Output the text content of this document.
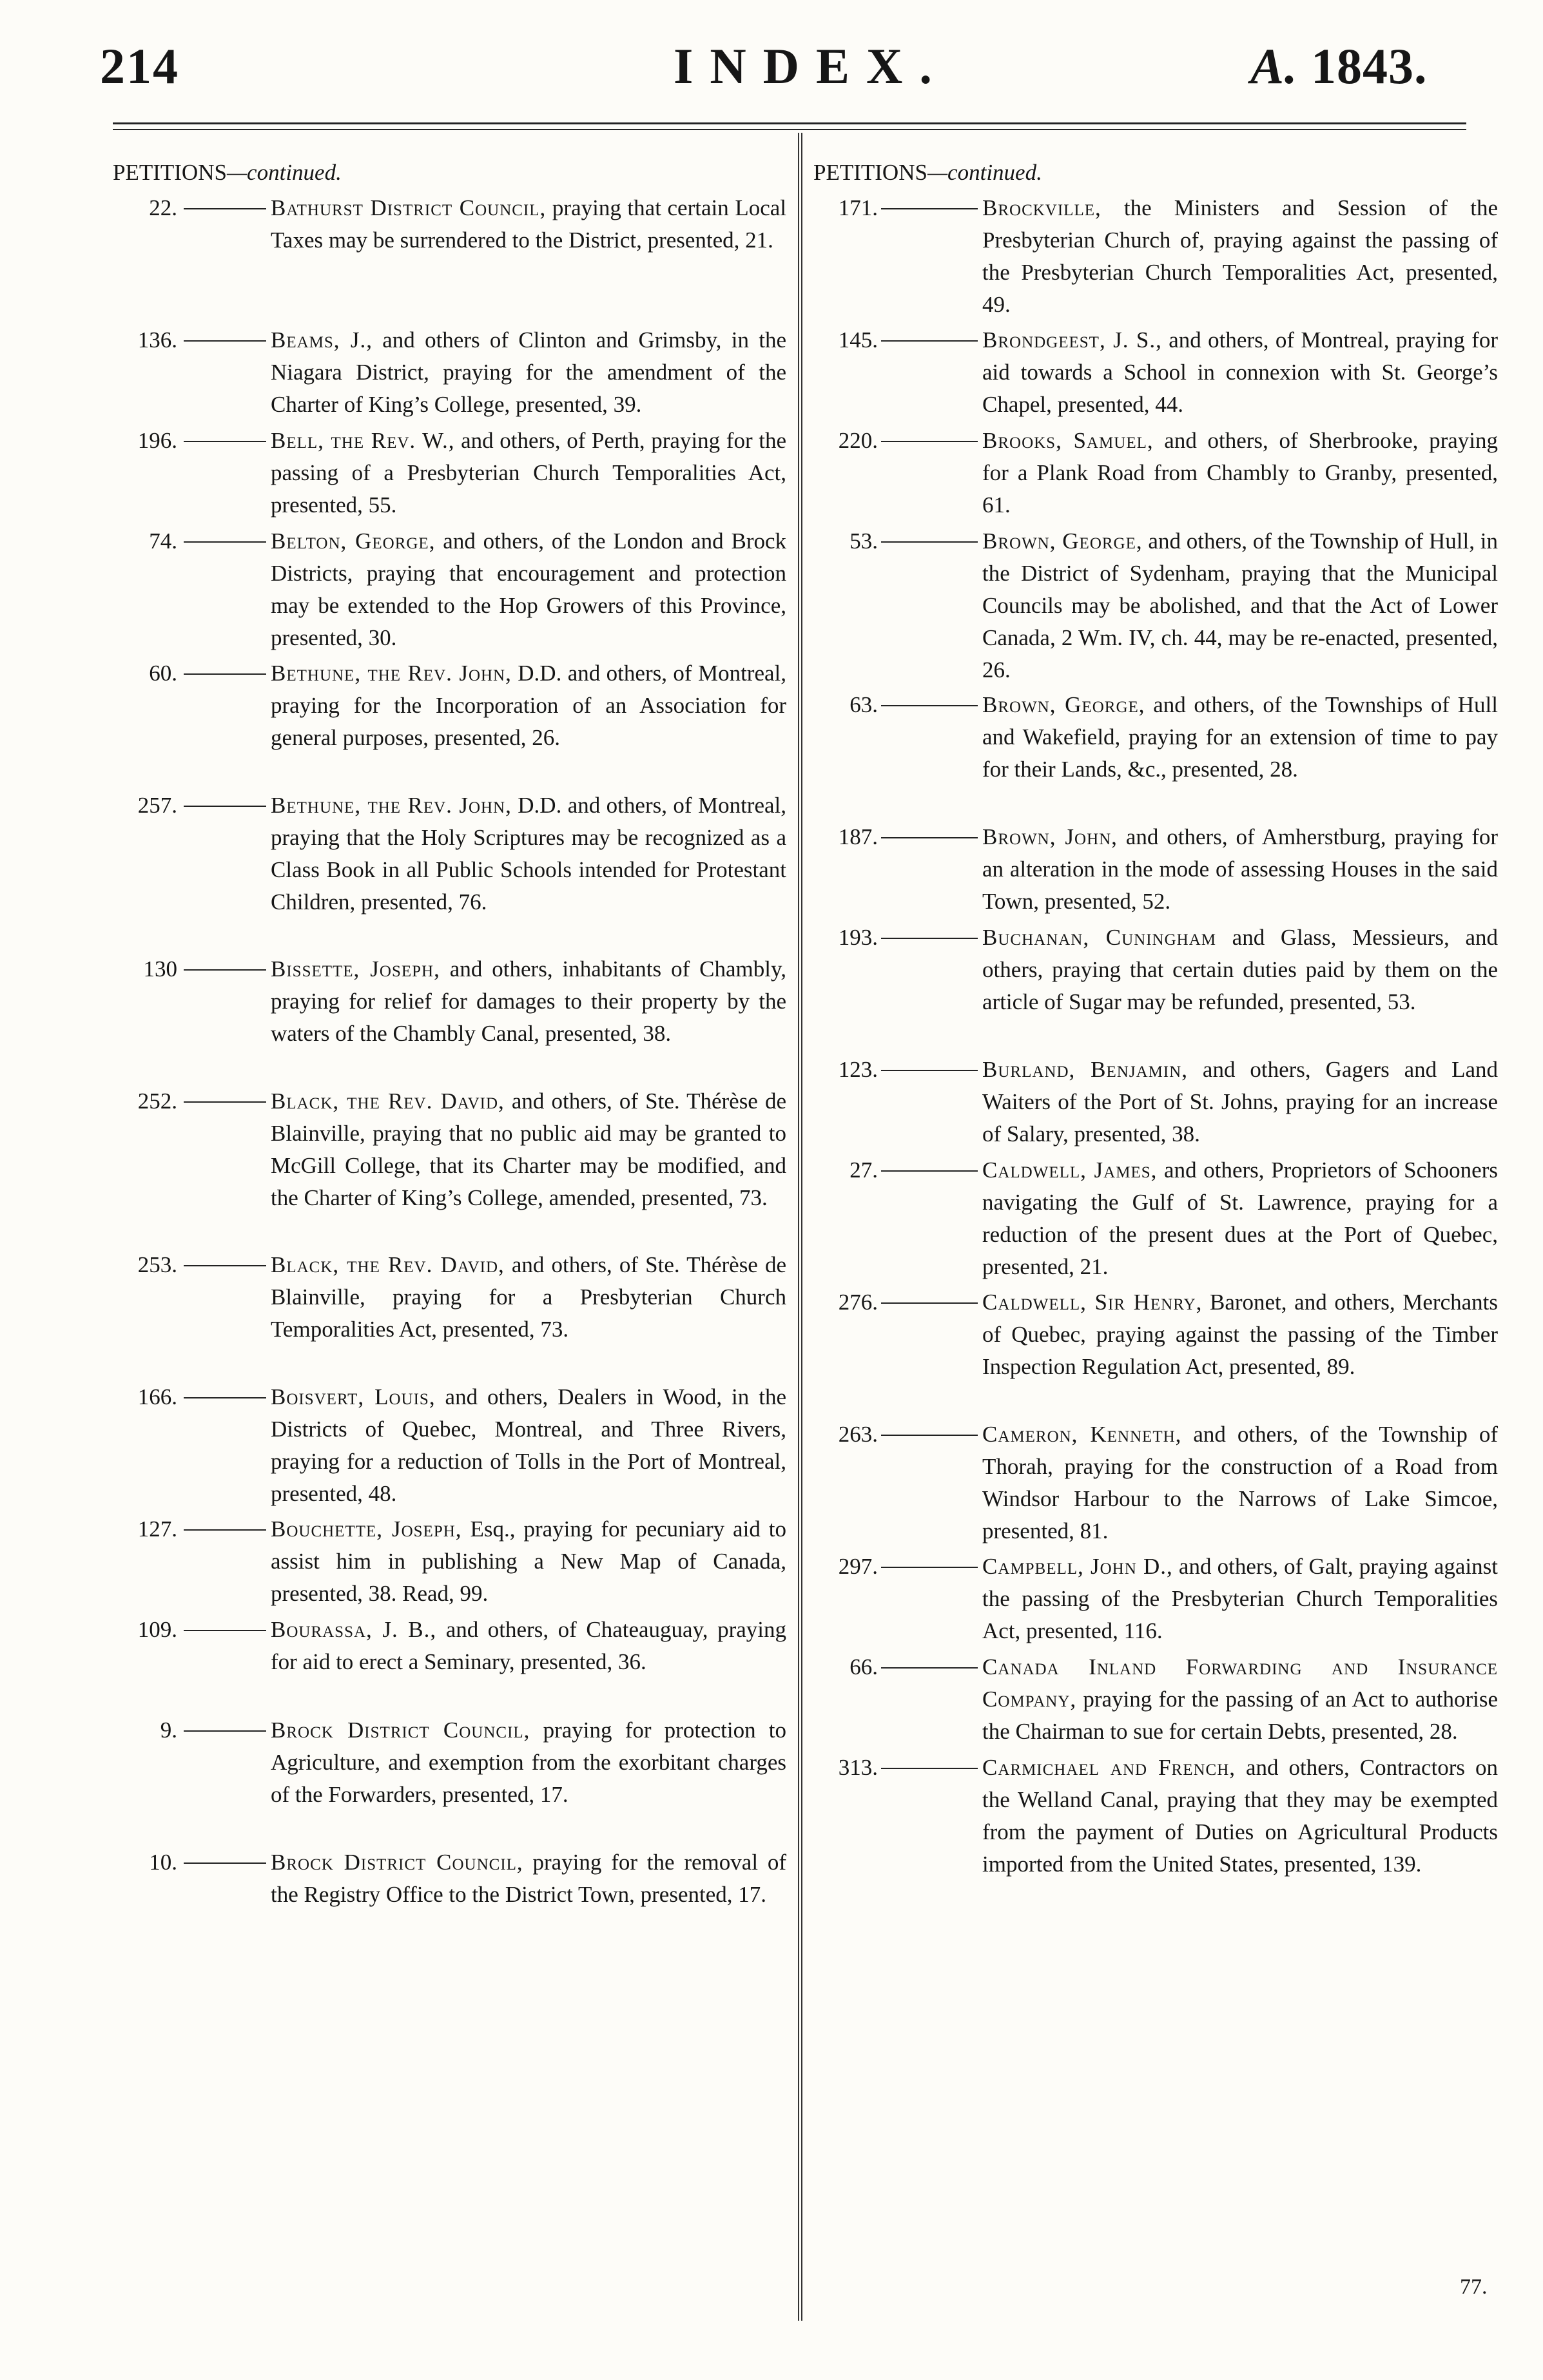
214	INDEX.	A. 1843.
PETITIONS—continued.
22.	Bathurst District Council, praying that certain Local Taxes may be surrendered to the District, presented, 21.
136.	Beams, J., and others of Clinton and Grimsby, in the Niagara District, praying for the amendment of the Charter of King’s College, presented, 39.
196.	Bell, the Rev. W., and others, of Perth, praying for the passing of a Presbyterian Church Temporalities Act, presented, 55.
74.	Belton, George, and others, of the London and Brock Districts, praying that encouragement and protection may be extended to the Hop Growers of this Province, presented, 30.
60.	Bethune, the Rev. John, D.D. and others, of Montreal, praying for the Incorporation of an Association for general purposes, presented, 26.
257.	Bethune, the Rev. John, D.D. and others, of Montreal, praying that the Holy Scriptures may be recognized as a Class Book in all Public Schools intended for Protestant Children, presented, 76.
130	Bissette, Joseph, and others, inhabitants of Chambly, praying for relief for damages to their property by the waters of the Chambly Canal, presented, 38.
252.	Black, the Rev. David, and others, of Ste. Thérèse de Blainville, praying that no public aid may be granted to McGill College, that its Charter may be modified, and the Charter of King’s College, amended, presented, 73.
253.	Black, the Rev. David, and others, of Ste. Thérèse de Blainville, praying for a Presbyterian Church Temporalities Act, presented, 73.
166.	Boisvert, Louis, and others, Dealers in Wood, in the Districts of Quebec, Montreal, and Three Rivers, praying for a reduction of Tolls in the Port of Montreal, presented, 48.
127.	Bouchette, Joseph, Esq., praying for pecuniary aid to assist him in publishing a New Map of Canada, presented, 38. Read, 99.
109.	Bourassa, J. B., and others, of Chateauguay, praying for aid to erect a Seminary, presented, 36.
9.	Brock District Council, praying for protection to Agriculture, and exemption from the exorbitant charges of the Forwarders, presented, 17.
10.	Brock District Council, praying for the removal of the Registry Office to the District Town, presented, 17.
PETITIONS—continued.
171.	Brockville, the Ministers and Session of the Presbyterian Church of, praying against the passing of the Presbyterian Church Temporalities Act, presented, 49.
145.	Brondgeest, J. S., and others, of Montreal, praying for aid towards a School in connexion with St. George’s Chapel, presented, 44.
220.	Brooks, Samuel, and others, of Sherbrooke, praying for a Plank Road from Chambly to Granby, presented, 61.
53.	Brown, George, and others, of the Township of Hull, in the District of Sydenham, praying that the Municipal Councils may be abolished, and that the Act of Lower Canada, 2 Wm. IV, ch. 44, may be re-enacted, presented, 26.
63.	Brown, George, and others, of the Townships of Hull and Wakefield, praying for an extension of time to pay for their Lands, &c., presented, 28.
187.	Brown, John, and others, of Amherstburg, praying for an alteration in the mode of assessing Houses in the said Town, presented, 52.
193.	Buchanan, Cuningham and Glass, Messieurs, and others, praying that certain duties paid by them on the article of Sugar may be refunded, presented, 53.
123.	Burland, Benjamin, and others, Gagers and Land Waiters of the Port of St. Johns, praying for an increase of Salary, presented, 38.
27.	Caldwell, James, and others, Proprietors of Schooners navigating the Gulf of St. Lawrence, praying for a reduction of the present dues at the Port of Quebec, presented, 21.
276.	Caldwell, Sir Henry, Baronet, and others, Merchants of Quebec, praying against the passing of the Timber Inspection Regulation Act, presented, 89.
263.	Cameron, Kenneth, and others, of the Township of Thorah, praying for the construction of a Road from Windsor Harbour to the Narrows of Lake Simcoe, presented, 81.
297.	Campbell, John D., and others, of Galt, praying against the passing of the Presbyterian Church Temporalities Act, presented, 116.
66.	Canada Inland Forwarding and Insurance Company, praying for the passing of an Act to authorise the Chairman to sue for certain Debts, presented, 28.
313.	Carmichael and French, and others, Contractors on the Welland Canal, praying that they may be exempted from the payment of Duties on Agricultural Products imported from the United States, presented, 139.
77.
